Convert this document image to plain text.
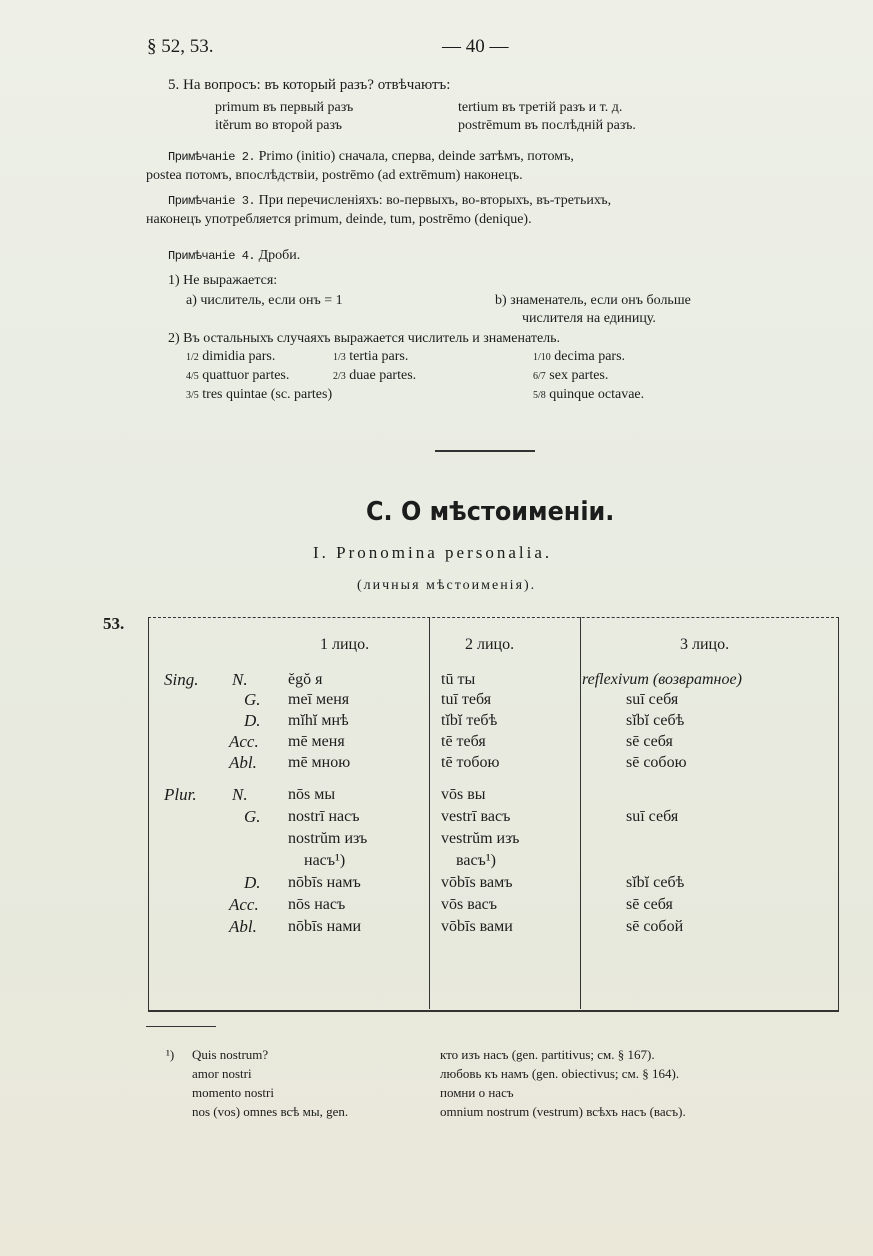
§ 52, 53.	— 40 —
5. На вопросъ: въ который разъ? отвѣчаютъ:
primum въ первый разъ	tertium въ третій разъ и т. д.
itĕrum во второй разъ	postrēmum въ послѣдній разъ.
Примѣчаніе 2. Primo (initio) сначала, сперва, deinde затѣмъ, потомъ,
postea потомъ, впослѣдствіи, postrēmo (ad extrēmum) наконецъ.
Примѣчаніе 3. При перечисленіяхъ: во-первыхъ, во-вторыхъ, въ-третьихъ,
наконецъ употребляется primum, deinde, tum, postrēmo (denique).
Примѣчаніе 4. Дроби.
1) Не выражается:
a) числитель, если онъ = 1	b) знаменатель, если онъ больше
числителя на единицу.
2) Въ остальныхъ случаяхъ выражается числитель и знаменатель.
1/2 dimidia pars.	1/3 tertia pars.	1/10 decima pars.
4/5 quattuor partes.	2/3 duae partes.	6/7 sex partes.
3/5 tres quintae (sc. partes)	5/8 quinque octavae.
C. О мѣстоименіи.
I. Pronomina personalia.
(личныя мѣстоименія).
53.
1 лицо.	2 лицо.	3 лицо.
Sing. N.	ĕgŏ я	tū ты	reflexivum (возвратное)
G. meī меня	tuī тебя	suī себя
D. mĭhĭ мнѣ	tĭbĭ тебѣ	sĭbĭ себѣ
Acc. mē меня	tē тебя	sē себя
Abl. mē мною	tē тобою	sē собою
Plur. N.	nōs мы	vōs вы
G. nostrī насъ	vestrī васъ	suī себя
nostrŭm изъ	vestrŭm изъ
насъ¹)	васъ¹)
D. nōbīs намъ	vōbīs вамъ	sĭbĭ себѣ
Acc. nōs насъ	vōs васъ	sē себя
Abl. nōbīs нами	vōbīs вами	sē собой
¹) Quis nostrum?	кто изъ насъ (gen. partitivus; см. § 167).
amor nostri	любовь къ намъ (gen. obiectivus; см. § 164).
momento nostri	помни о насъ
nos (vos) omnes всѣ мы, gen.	omnium nostrum (vestrum) всѣхъ насъ (васъ).
